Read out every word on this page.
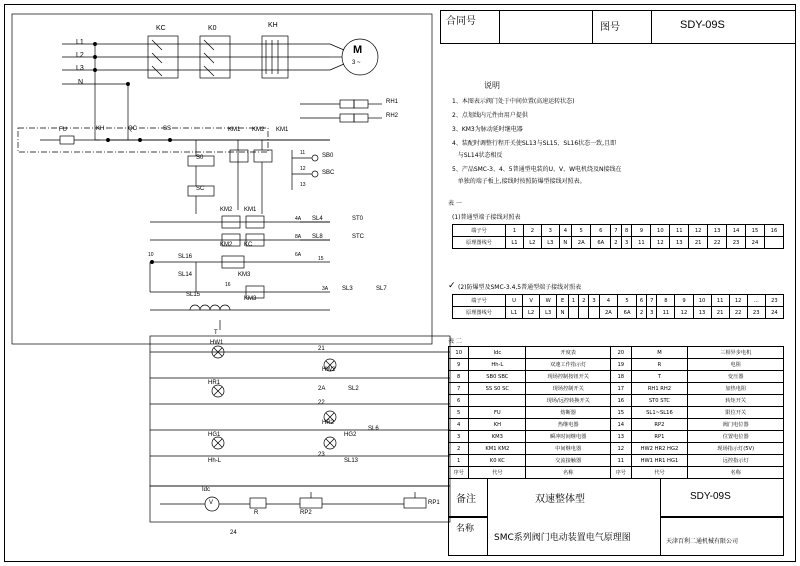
L1
L2
L3
N
KC	K0	KH
M
3 ~
RH1
RH2
FU	KH	QC	SS
S0
SC
KM1 KM2 KM1
KM2 KM1
KM2 KC
KM3
KM3
SB0
SBC
11
12
13
4A
6A
8A
10
15
16
3A
SL4
SL8
ST0
STC
SL16
SL14
SL15
SL3	SL7
T
HW1
21
HW2
HR1
2A	SL2
HR2
22
HG1	HG2
SL6
Hh-L
23
SL13
Idc
V
R	RP2
RP1
24
合同号
图号	SDY-09S
说明
1、本图表示阀门处于中间位置(高速运转状态)
2、点划线内元件由用户提供
3、KM3为脉动延时继电器
4、装配时调整行程开关使SL13与SL15、SL16状态一致,且即
与SL14状态相反
5、产品SMC-3、4、5普通型电装的U、V、W电机绕及N接线在
单独的端子板上,接线时按照防爆型接线对照表。
表 一
(1)普通型端子接线对照表
端子号	1	2	3	4	5	6	7	8	9	10	11	12	13	14	15	16
原理图线号	L1	L2	L3	N	2A	6A	2	3	11	12	13	21	22	23	24	
(2)防爆型及SMC-3.4,5普通型端子接线对照表
✓
端子号	U	V	W	E	1	2	3	4	5	6	7	8	9	10	11	12	…	23
原理图线号	L1	L2	L3	N				2A	6A	2	3	11	12	13	21	22	23	24
表 二
10	Idc	开度表	20	M	三相异步电机
9	Hh-L	双速工作指示灯	19	R	电阻
8	SB0 SBC	现场控制按钮开关	18	T	变压器
7	SS S0 SC	现场控制开关	17	RH1 RH2	加热电阻
6		现场/远控转换开关	16	ST0 STC	转矩开关
5	FU	熔断器	15	SL1~SL16	限位开关
4	KH	热继电器	14	RP2	阀门电位器
3	KM3	瞬冲时间继电器	13	RP1	位置电位器
2	KM1 KM2	中间继电器	12	HW2 HR2 HG2	现场指示灯(5V)
1	K0 KC	交流接触器	11	HW1 HR1 HG1	远控指示灯
序号	代号	名称	序号	代号	名称
备注	双速整体型	SDY-09S
名称
SMC系列阀门电动装置电气原理图	天津百利二通机械有限公司
